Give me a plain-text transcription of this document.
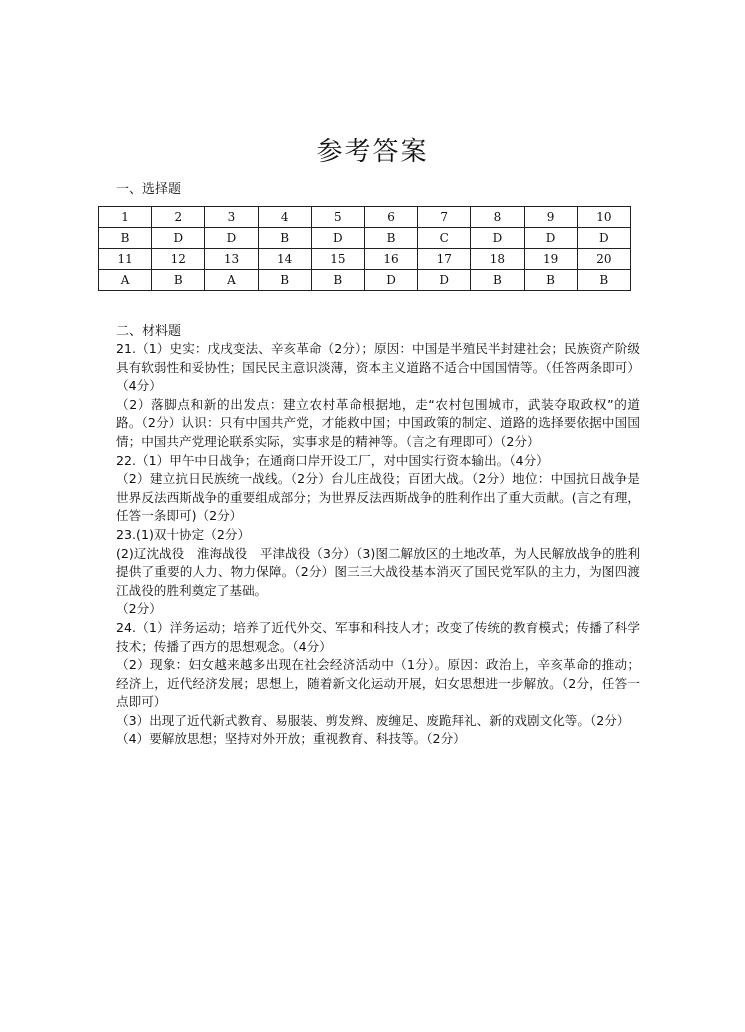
参考答案
一、选择题
1	2	3	4	5	6	7	8	9	10
B	D	D	B	D	B	C	D	D	D
11	12	13	14	15	16	17	18	19	20
A	B	A	B	B	D	D	B	B	B
二、材料题
21.（1）史实：戊戌变法、辛亥革命（2分）；原因：中国是半殖民半封建社会；民族资产阶级具有软弱性和妥协性；国民民主意识淡薄，资本主义道路不适合中国国情等。（任答两条即可）（4分）
（2）落脚点和新的出发点：建立农村革命根据地，走“农村包围城市，武装夺取政权”的道路。（2分）认识：只有中国共产党，才能救中国；中国政策的制定、道路的选择要依据中国国情；中国共产党理论联系实际，实事求是的精神等。（言之有理即可）（2分）
22.（1）甲午中日战争；在通商口岸开设工厂，对中国实行资本输出。（4分）
（2）建立抗日民族统一战线。（2分）台儿庄战役；百团大战。（2分）地位：中国抗日战争是世界反法西斯战争的重要组成部分；为世界反法西斯战争的胜利作出了重大贡献。(言之有理，任答一条即可)（2分）
23.(1)双十协定（2分）
(2)辽沈战役　淮海战役　平津战役（3分）（3)图二解放区的土地改革，为人民解放战争的胜利提供了重要的人力、物力保障。（2分）图三三大战役基本消灭了国民党军队的主力，为图四渡江战役的胜利奠定了基础。
（2分）
24.（1）洋务运动；培养了近代外交、军事和科技人才；改变了传统的教育模式；传播了科学技术；传播了西方的思想观念。（4分）
（2）现象：妇女越来越多出现在社会经济活动中（1分）。原因：政治上，辛亥革命的推动；经济上，近代经济发展；思想上，随着新文化运动开展，妇女思想进一步解放。（2分，任答一点即可）
（3）出现了近代新式教育、易服装、剪发辫、废缠足、废跪拜礼、新的戏剧文化等。（2分）
（4）要解放思想；坚持对外开放；重视教育、科技等。（2分）
